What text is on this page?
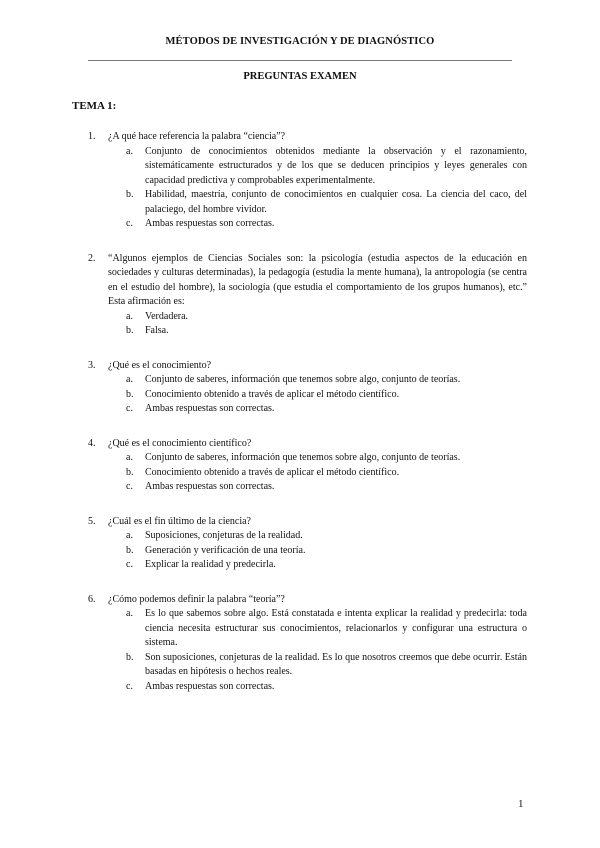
MÉTODOS DE INVESTIGACIÓN Y DE DIAGNÓSTICO
PREGUNTAS EXAMEN
TEMA 1:
1. ¿A qué hace referencia la palabra “ciencia”?
a. Conjunto de conocimientos obtenidos mediante la observación y el razonamiento, sistemáticamente estructurados y de los que se deducen principios y leyes generales con capacidad predictiva y comprobables experimentalmente.
b. Habilidad, maestría, conjunto de conocimientos en cualquier cosa. La ciencia del caco, del palaciego, del hombre vividor.
c. Ambas respuestas son correctas.
2. “Algunos ejemplos de Ciencias Sociales son: la psicología (estudia aspectos de la educación en sociedades y culturas determinadas), la pedagogía (estudia la mente humana), la antropología (se centra en el estudio del hombre), la sociología (que estudia el comportamiento de los grupos humanos), etc.” Esta afirmación es:
a. Verdadera.
b. Falsa.
3. ¿Qué es el conocimiento?
a. Conjunto de saberes, información que tenemos sobre algo, conjunto de teorías.
b. Conocimiento obtenido a través de aplicar el método científico.
c. Ambas respuestas son correctas.
4. ¿Qué es el conocimiento científico?
a. Conjunto de saberes, información que tenemos sobre algo, conjunto de teorías.
b. Conocimiento obtenido a través de aplicar el método científico.
c. Ambas respuestas son correctas.
5. ¿Cuál es el fin último de la ciencia?
a. Suposiciones, conjeturas de la realidad.
b. Generación y verificación de una teoría.
c. Explicar la realidad y predecirla.
6. ¿Cómo podemos definir la palabra “teoría”?
a. Es lo que sabemos sobre algo. Está constatada e intenta explicar la realidad y predecirla: toda ciencia necesita estructurar sus conocimientos, relacionarlos y configurar una estructura o sistema.
b. Son suposiciones, conjeturas de la realidad. Es lo que nosotros creemos que debe ocurrir. Están basadas en hipótesis o hechos reales.
c. Ambas respuestas son correctas.
1
